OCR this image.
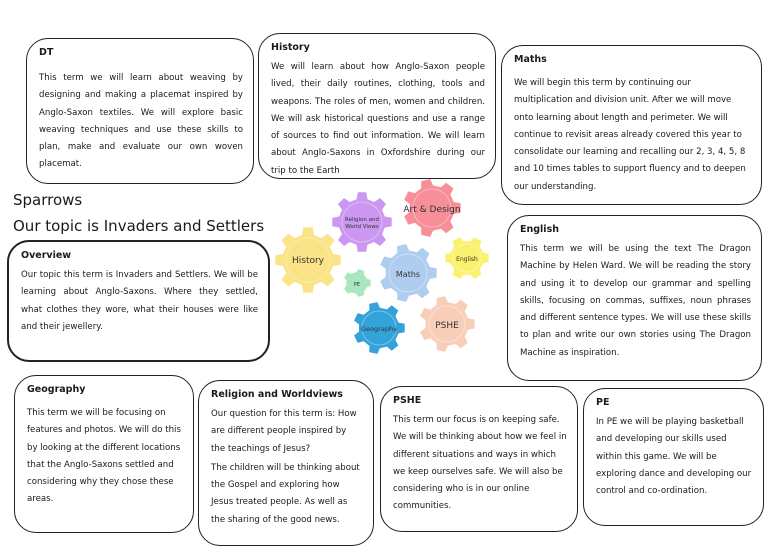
DT

This term we will learn about weaving by designing and making a placemat inspired by Anglo-Saxon textiles. We will explore basic weaving techniques and use these skills to plan, make and evaluate our own woven placemat.

History

We will learn about how Anglo-Saxon people lived, their daily routines, clothing, tools and weapons. The roles of men, women and children. We will ask historical questions and use a range of sources to find out information. We will learn about Anglo-Saxons in Oxfordshire during our trip to the Earth

Maths

We will begin this term by continuing our multiplication and division unit. After we will move onto learning about length and perimeter. We will continue to revisit areas already covered this year to consolidate our learning and recalling our 2, 3, 4, 5, 8 and 10 times tables to support fluency and to deepen our understanding.

Sparrows
Our topic is Invaders and Settlers
Overview

Our topic this term is Invaders and Settlers. We will be learning about Anglo-Saxons. Where they settled, what clothes they wore, what their houses were like and their jewellery.

English

This term we will be using the text The Dragon Machine by Helen Ward. We will be reading the story and using it to develop our grammar and spelling skills, focusing on commas, suffixes, noun phrases and different sentence types. We will use these skills to plan and write our own stories using The Dragon Machine as inspiration.

Geography

This term we will be focusing on features and photos. We will do this by looking at the different locations that the Anglo-Saxons settled and considering why they chose these areas.

Religion and Worldviews

Our question for this term is: How are different people inspired by the teachings of Jesus?

The children will be thinking about the Gospel and exploring how Jesus treated people. As well as the sharing of the good news.

PSHE

This term our focus is on keeping safe. We will be thinking about how we feel in different situations and ways in which we keep ourselves safe. We will also be considering who is in our online communities.

PE

In PE we will be playing basketball and developing our skills used within this game. We will be exploring dance and developing our control and co-ordination.

Religion and
World Views
Art & Design
History
Maths
English
PE
Geography	PSHE
